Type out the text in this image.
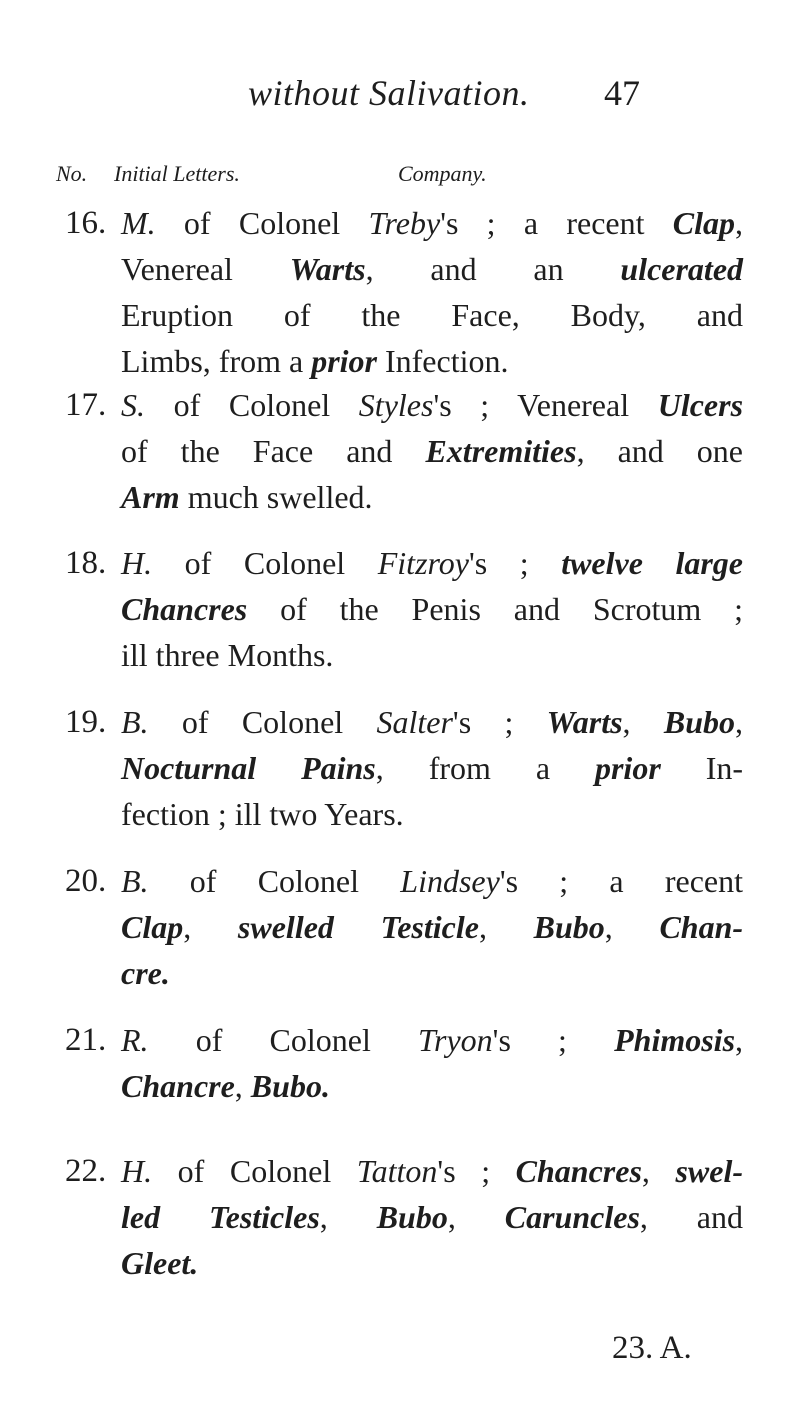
without Salivation. 47
No. Initial Letters.	Company.
16. M. of Colonel Treby's ; a recent Clap,
Venereal Warts, and an ulcerated
Eruption of the Face, Body, and
Limbs, from a prior Infection.
17. S. of Colonel Styles's ; Venereal Ulcers
of the Face and Extremities, and one
Arm much swelled.
18. H. of Colonel Fitzroy's ; twelve large
Chancres of the Penis and Scrotum ;
ill three Months.
19. B. of Colonel Salter's ; Warts, Bubo,
Nocturnal Pains, from a prior In-
fection ; ill two Years.
20. B. of Colonel Lindsey's ; a recent
Clap, swelled Testicle, Bubo, Chan-
cre.
21. R. of Colonel Tryon's ; Phimosis,
Chancre, Bubo.
22. H. of Colonel Tatton's ; Chancres, swel-
led Testicles, Bubo, Caruncles, and
Gleet.
23. A.
